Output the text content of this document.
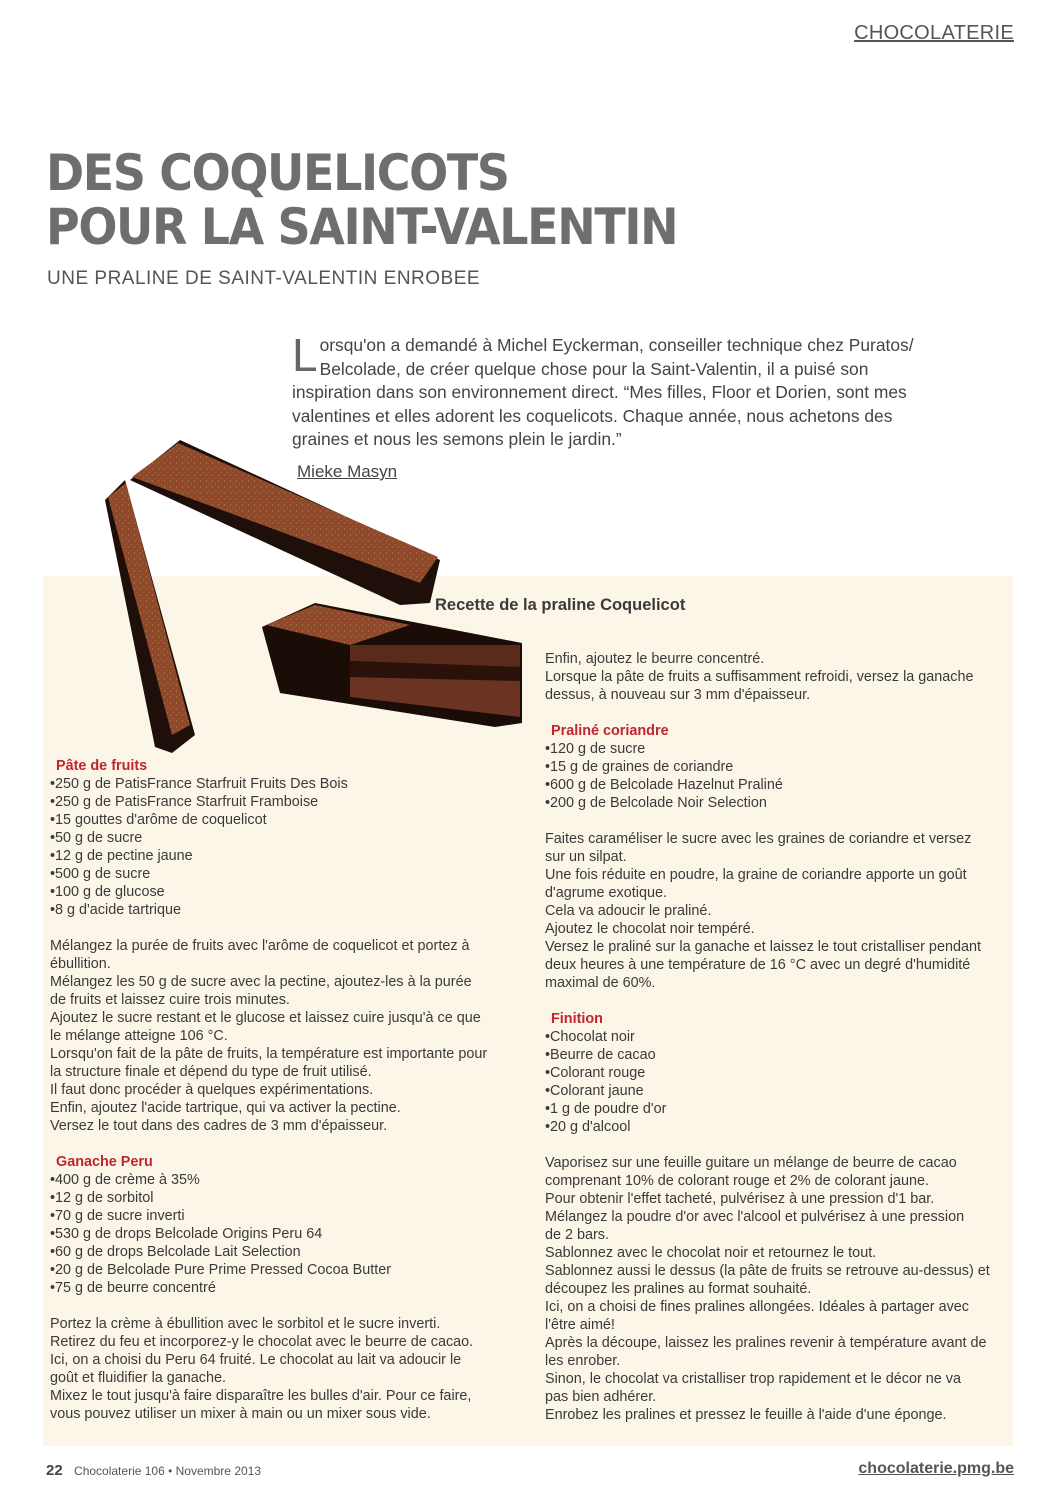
CHOCOLATERIE
DES COQUELICOTS
POUR LA SAINT-VALENTIN
UNE PRALINE DE SAINT-VALENTIN ENROBEE
L orsqu'on a demandé à Michel Eyckerman, conseiller technique chez Puratos/
Belcolade, de créer quelque chose pour la Saint-Valentin, il a puisé son
inspiration dans son environnement direct. “Mes filles, Floor et Dorien, sont mes
valentines et elles adorent les coquelicots. Chaque année, nous achetons des
graines et nous les semons plein le jardin.”
Mieke Masyn
Recette de la praline Coquelicot

Pâte de fruits

•250 g de PatisFrance Starfruit Fruits Des Bois
•250 g de PatisFrance Starfruit Framboise
•15 gouttes d'arôme de coquelicot
•50 g de sucre
•12 g de pectine jaune
•500 g de sucre
•100 g de glucose
•8 g d'acide tartrique
Mélangez la purée de fruits avec l'arôme de coquelicot et portez à
ébullition.
Mélangez les 50 g de sucre avec la pectine, ajoutez-les à la purée
de fruits et laissez cuire trois minutes.
Ajoutez le sucre restant et le glucose et laissez cuire jusqu'à ce que
le mélange atteigne 106 °C.
Lorsqu'on fait de la pâte de fruits, la température est importante pour
la structure finale et dépend du type de fruit utilisé.
Il faut donc procéder à quelques expérimentations.
Enfin, ajoutez l'acide tartrique, qui va activer la pectine.
Versez le tout dans des cadres de 3 mm d'épaisseur.

Ganache Peru

•400 g de crème à 35%
•12 g de sorbitol
•70 g de sucre inverti
•530 g de drops Belcolade Origins Peru 64
•60 g de drops Belcolade Lait Selection
•20 g de Belcolade Pure Prime Pressed Cocoa Butter
•75 g de beurre concentré
Portez la crème à ébullition avec le sorbitol et le sucre inverti.
Retirez du feu et incorporez-y le chocolat avec le beurre de cacao.
Ici, on a choisi du Peru 64 fruité. Le chocolat au lait va adoucir le
goût et fluidifier la ganache.
Mixez le tout jusqu'à faire disparaître les bulles d'air. Pour ce faire,
vous pouvez utiliser un mixer à main ou un mixer sous vide.
Enfin, ajoutez le beurre concentré.
Lorsque la pâte de fruits a suffisamment refroidi, versez la ganache
dessus, à nouveau sur 3 mm d'épaisseur.

Praliné coriandre

•120 g de sucre
•15 g de graines de coriandre
•600 g de Belcolade Hazelnut Praliné
•200 g de Belcolade Noir Selection
Faites caraméliser le sucre avec les graines de coriandre et versez
sur un silpat.
Une fois réduite en poudre, la graine de coriandre apporte un goût
d'agrume exotique.
Cela va adoucir le praliné.
Ajoutez le chocolat noir tempéré.
Versez le praliné sur la ganache et laissez le tout cristalliser pendant
deux heures à une température de 16 °C avec un degré d'humidité
maximal de 60%.

Finition

•Chocolat noir
•Beurre de cacao
•Colorant rouge
•Colorant jaune
•1 g de poudre d'or
•20 g d'alcool
Vaporisez sur une feuille guitare un mélange de beurre de cacao
comprenant 10% de colorant rouge et 2% de colorant jaune.
Pour obtenir l'effet tacheté, pulvérisez à une pression d'1 bar.
Mélangez la poudre d'or avec l'alcool et pulvérisez à une pression
de 2 bars.
Sablonnez avec le chocolat noir et retournez le tout.
Sablonnez aussi le dessus (la pâte de fruits se retrouve au-dessus) et
découpez les pralines au format souhaité.
Ici, on a choisi de fines pralines allongées. Idéales à partager avec
l'être aimé!
Après la découpe, laissez les pralines revenir à température avant de
les enrober.
Sinon, le chocolat va cristalliser trop rapidement et le décor ne va
pas bien adhérer.
Enrobez les pralines et pressez le feuille à l'aide d'une éponge.
22 Chocolaterie 106 • Novembre 2013	chocolaterie.pmg.be
